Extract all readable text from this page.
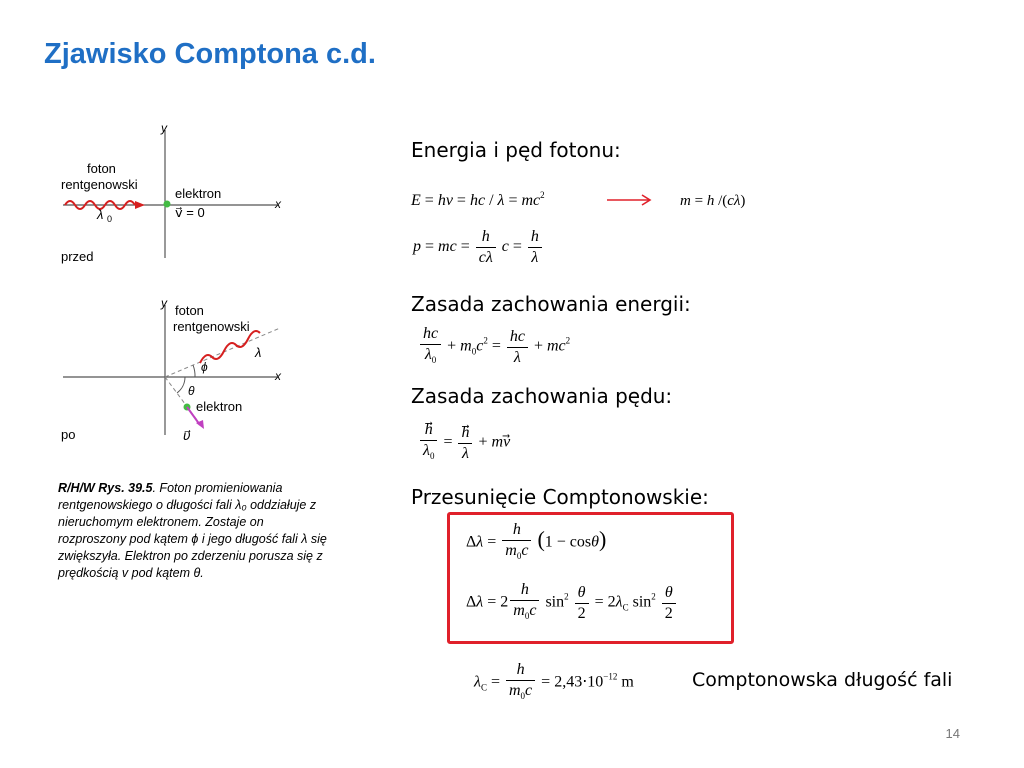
Zjawisko Comptona c.d.
y
x
foton
rentgenowski
λ 0
elektron
v⃗ = 0
przed
y
x
foton
rentgenowski
λ
ϕ
θ
elektron
υ⃗
po
R/H/W Rys. 39.5. Foton promieniowania rentgenowskiego o długości fali λ₀ oddziałuje z nieruchomym elektronem. Zostaje on rozproszony pod kątem ϕ i jego długość fali λ się zwiększyła. Elektron po zderzeniu porusza się z prędkością v pod kątem θ.
Energia i pęd fotonu:
E = hν = hc / $\lambda = mc^2$	m = h /(cλ)
p = mc = $\frac{h}{c\lambda}$ $c = \frac{h}{\lambda}$
Zasada zachowania energii:
$\frac{hc}{\lambda_0} + m_0c^2 = \frac{hc}{\lambda} + mc^2$
Zasada zachowania pędu:
$\frac{h}{\lambda_0} = \frac{h}{\lambda}$ + mv
Przesunięcie Comptonowskie:
$\Delta\lambda = \frac{h}{m_0c} (1 - \cos\theta)$
$\Delta\lambda = 2 \frac{h}{m_0c} \sin^2 \frac{\theta}{2} = 2\lambda_C$ $\sin^2 \frac{\theta}{2}$
$\lambda_C = \frac{h}{m_0c} = 2,43\cdot 10^{-12}$ m	Comptonowska długość fali
14
